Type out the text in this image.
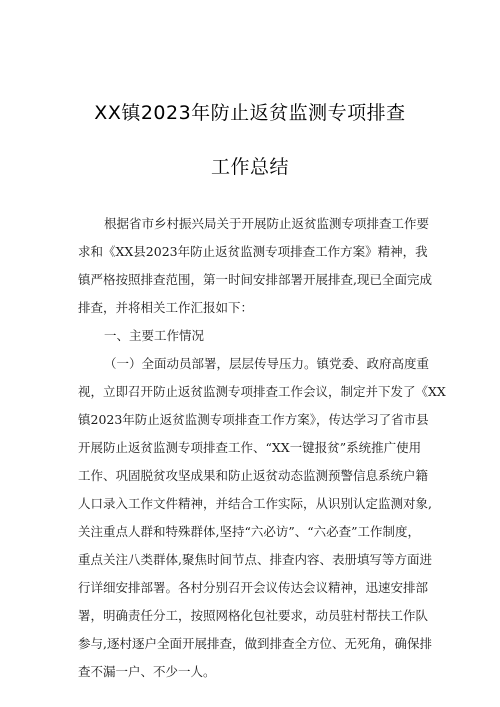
XX镇2023年防止返贫监测专项排查
工作总结
根据省市乡村振兴局关于开展防止返贫监测专项排查工作要
求和《XX县2023年防止返贫监测专项排查工作方案》精神，我
镇严格按照排查范围，第一时间安排部署开展排查,现已全面完成
排查，并将相关工作汇报如下：
一、主要工作情况
（一）全面动员部署，层层传导压力。镇党委、政府高度重
视，立即召开防止返贫监测专项排查工作会议，制定并下发了《XX
镇2023年防止返贫监测专项排查工作方案》，传达学习了省市县
开展防止返贫监测专项排查工作、“XX一键报贫”系统推广使用
工作、巩固脱贫攻坚成果和防止返贫动态监测预警信息系统户籍
人口录入工作文件精神，并结合工作实际，从识别认定监测对象,
关注重点人群和特殊群体,坚持“六必访”、“六必查”工作制度，
重点关注八类群体,聚焦时间节点、排查内容、表册填写等方面进
行详细安排部署。各村分别召开会议传达会议精神，迅速安排部
署，明确责任分工，按照网格化包社要求，动员驻村帮扶工作队
参与,逐村逐户全面开展排查，做到排查全方位、无死角，确保排
查不漏一户、不少一人。
